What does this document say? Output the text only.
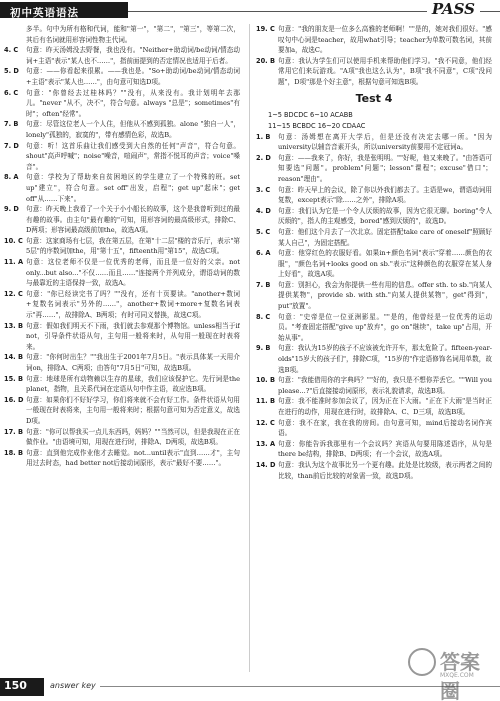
初中英语语法	PASS
多半。句中为所有格和代词，能和"第一"，"第二"，"第三"，等第二次，其后有名词就用形容词性物主代词。
4. C 句意：昨天汤姆没去野餐，我也没有。"Neither+助动词/be动词/情态动词+主语"表示"某人也不……"，指前面提到的否定情况也适用于后者。
5. D 句意：——你看起来很累。——我也是。"So+助动词/be动词/情态动词+主语"表示"某人也……"，由句意可知选D项。
6. C 句意："你曾经去过桂林吗？""没有，从来没有。我计划明年去那儿。"never "从不，决不"，符合句意。always "总是"；sometimes"有时"；often"经常"。
7. B 句意：尽管这位老人一个人住，但他从不感到孤独。alone "独自一人"，lonely"孤独的，寂寞的"，带有感情色彩，故选B。
7. D 句意：听！这首乐曲让我们感受到大自然的任何"声音"，符合句意。shout"高声呼喊"；noise"噪音，喧闹声"，常指不悦耳的声音；voice"嗓音"。
8. A 句意：学校为了帮助来自贫困地区的学生建立了一个特殊的班。set up"建立"，符合句意。set off"出发，启程"；get up"起床"；get off"从……下来"。
9. D 句意：昨天晚上我看了一个关于小小船长的故事，这个是我曾听到过的最有趣的故事。由主句"最有趣的"可知，用形容词的最高级形式，排除C、D两项；形容词最高级前加the，故选A项。
10. C 句意：这家商场有七层，我在第五层，在第"十二层"楼的音乐厅，表示"第5层"的序数词加the，用"第十五"，fifteenth用"第15"，故选C项。
11. A 句意：这位老师不仅是一位优秀的老师，而且是一位好的父亲。not only...but also..."不仅……而且……"连接两个并列成分，谓语动词的数与最靠近的主语保持一致，故选A。
12. C 句意："你已经读完书了吗？""没有，还有十页要读。"another+数词+复数名词表示"另外的……"，another+数词+more+复数名词表示"再……"，故排除A、B两项；有时可同义替换，故选C项。
13. B 句意：假如我们明天不下雨，我们就去参观那个博物馆。unless相当于if not，引导条件状语从句，主句用一般将来时，从句用一般现在时表将来。
14. B 句意："你何时出生？""我出生于2001年7月5日。"表示具体某一天用介词on，排除A、C两项；由答句"7月5日"可知，故选B项。
15. B 句意：地球是所有动物赖以生存的星球，我们应该保护它。先行词是the planet，指物，且关系代词在定语从句中作主语，故应选B项。
16. D 句意：如果你们不好好学习，你们将来就不会有好工作。条件状语从句用一般现在时表将来，主句用一般将来时；根据句意可知为否定意义，故选D项。
17. B 句意："你可以帮我买一点儿东西吗，妈妈？""当然可以，但是我现在正在做作业。"由语境可知，用现在进行时，排除A、D两项，故选B项。
18. B 句意：直到他完成作业他才去睡觉。not...until表示"直到……才"，主句用过去时态，had better not后接动词原形，表示"最好不要……"。
19. C 句意："我的朋友是一位多么高雅的老师啊！""是的，她对我们很好。"感叹句中心词是teacher，故用what引导；teacher为单数可数名词，其前要加a，故选C。
20. B 句意：我认为学生们可以使用手机来帮助他们学习。"我不同意，他们经常用它们来玩游戏。"A项"我也这么认为"，B项"我不同意"，C项"没问题"，D项"那是个好主意"，根据句意可知选B项。
Test 4
1~5 BDCDC 6~10 ACABB
11~15 BCBDC 16~20 CDAAC
1. B 句意：汤姆想在离开大学后，但是还没有决定去哪一所。"因为university以辅音音素开头，所以university前要用不定冠词a。
2. D 句意：——我来了，你好，我是张明明。""好呢，他又来晚了。"由答语可知要选"问题"。problem"问题"；lesson"课程"；excuse"借口"；reason"理由"。
3. C 句意：昨天早上的会议，除了你以外我们都去了。主语是we，谓语动词用复数，except表示"除……之外"，排除A项。
4. D 句意：我们认为它是一个令人厌烦的故事，因为它很无聊。boring"令人厌烦的"，指人的主观感受，bored"感到厌烦的"，故选D。
5. C 句意：他们这个月去了一次北京。固定搭配take care of oneself"照顾好某人自己"，为固定搭配。
6. A 句意：他穿红色的衣服好看。如果in+颜色名词"表示"穿着……颜色的衣服"，"颜色名词+looks good on sb."表示"这种颜色的衣服穿在某人身上好看"，故选A项。
7. B 句意：别担心，我会为你提供一些有用的信息。offer sth. to sb."向某人提供某物"，provide sb. with sth."向某人提供某物"，get"得到"，put"放置"。
8. C 句意："史帝是位一位亚洲影星。""是的，他曾经是一位优秀的运动员。"考查固定搭配"give up"放弃"，go on"继续"，take up"占用，开始从事"。
9. B 句意：我认为15岁的孩子不应该被允许开车，那太危险了。fifteen-year-olds"15岁大的孩子们"，排除C项，"15岁的"作定语修饰名词用单数，故选B项。
10. B 句意："我能借用你的字典吗？""好的，我只是不想你弄丢它。""Will you please...?"后直接接动词原形，表示礼貌请求，故选B项。
11. B 句意：我不能准时参加会议了，因为正在下大雨。"正在下大雨"是当时正在进行的动作，用现在进行时，故排除A、C、D三项，故选B项。
12. C 句意：我不在家，我在我的房间。由句意可知，mind后接动名词作宾语。
13. A 句意：你能告诉我那里有一个会议吗？宾语从句要用陈述语序，从句是there be结构，排除B、D两项；有一个会议，故选A项。
14. D 句意：我认为这个故事比另一个更有趣。此处是比较级，表示两者之间的比较，than前后比较的对象需一致，故选D项。
150	answer key
答案圈
MXQE.COM
